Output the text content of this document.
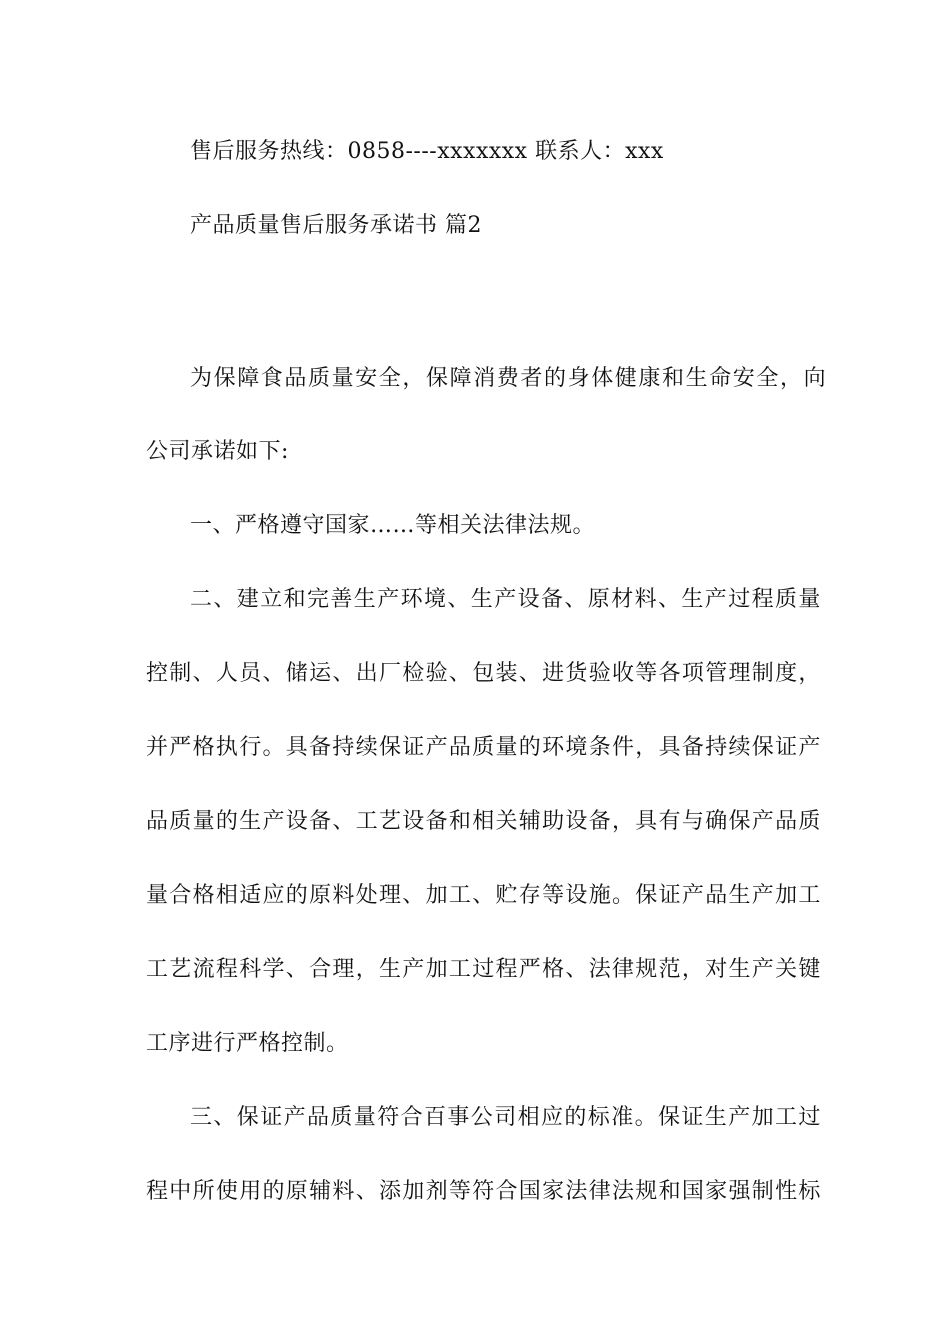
售后服务热线：0858----xxxxxxx 联系人：xxx
产品质量售后服务承诺书 篇2
为保障食品质量安全，保障消费者的身体健康和生命安全，向
公司承诺如下:
一、严格遵守国家……等相关法律法规。
二、建立和完善生产环境、生产设备、原材料、生产过程质量
控制、人员、储运、出厂检验、包装、进货验收等各项管理制度，
并严格执行。具备持续保证产品质量的环境条件，具备持续保证产
品质量的生产设备、工艺设备和相关辅助设备，具有与确保产品质
量合格相适应的原料处理、加工、贮存等设施。保证产品生产加工
工艺流程科学、合理，生产加工过程严格、法律规范，对生产关键
工序进行严格控制。
三、保证产品质量符合百事公司相应的标准。保证生产加工过
程中所使用的原辅料、添加剂等符合国家法律法规和国家强制性标
